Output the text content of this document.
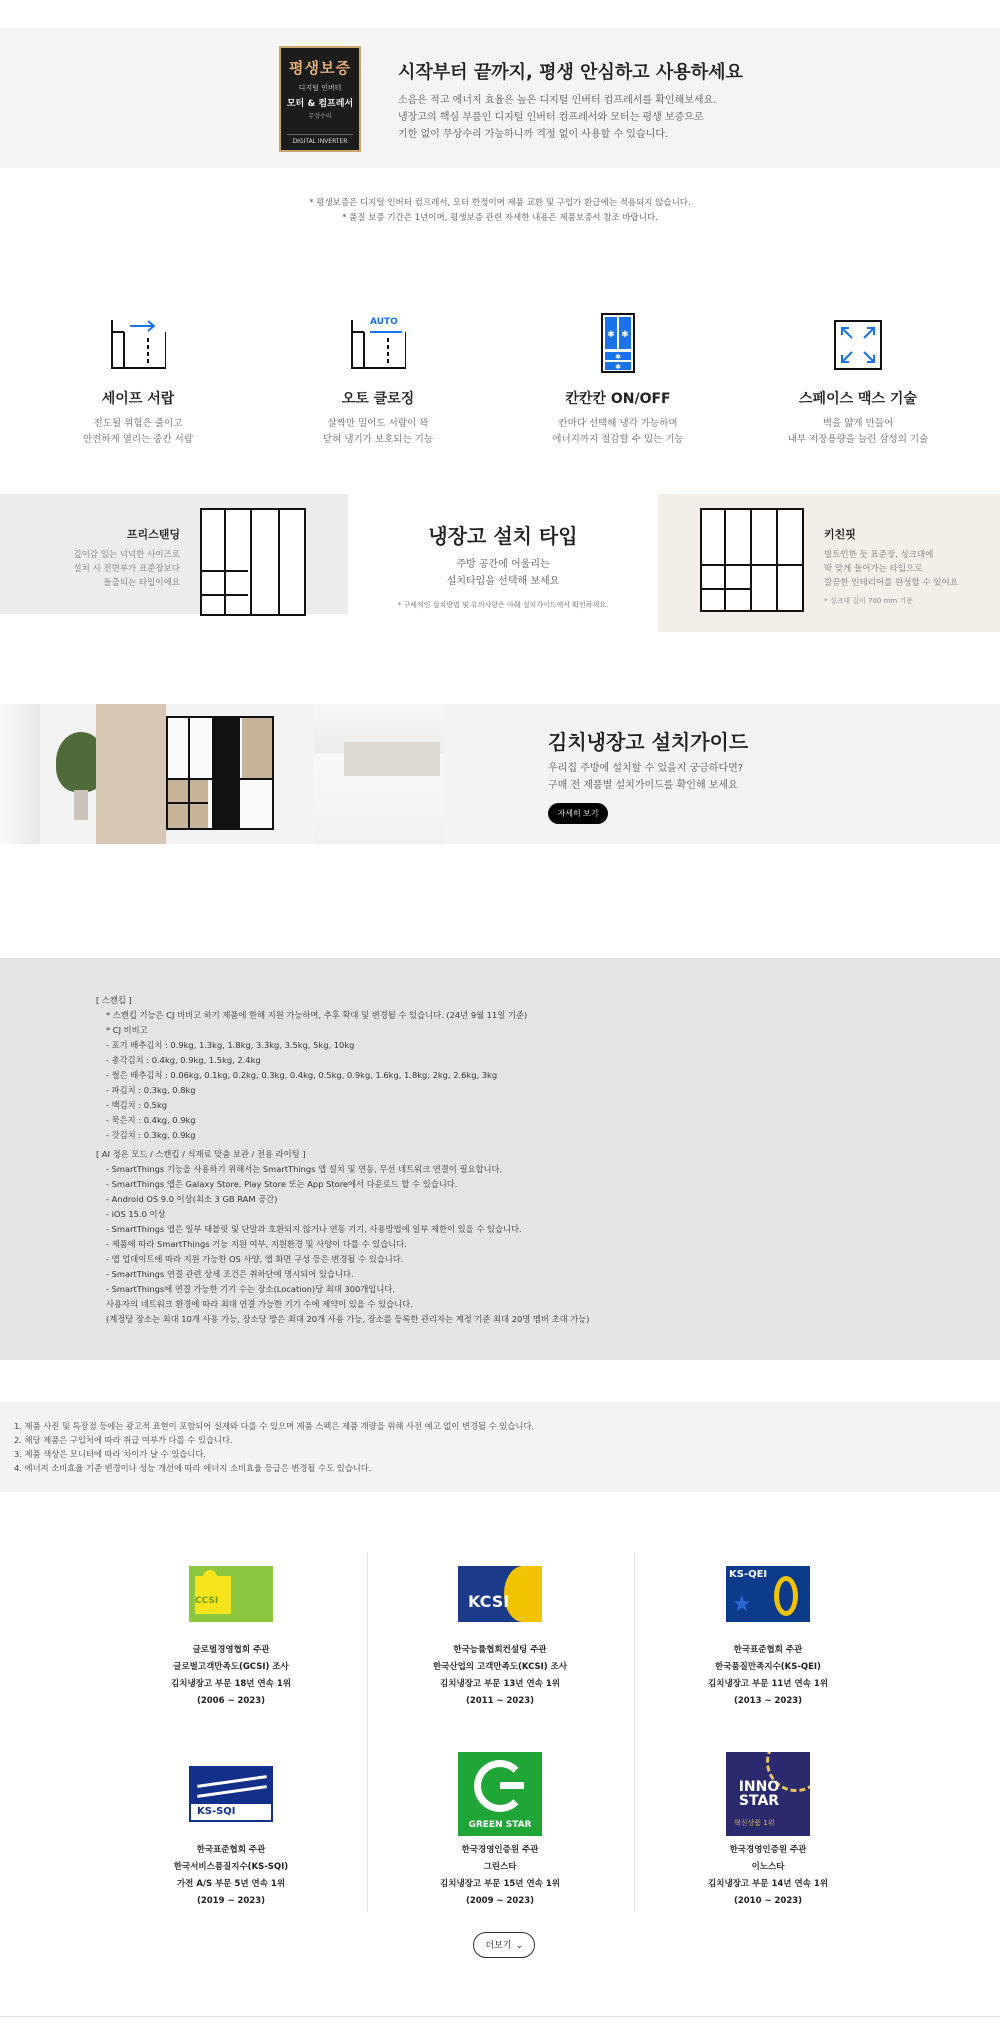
평생보증
디지털 인버터
모터 & 컴프레서
무상수리
DIGITAL INVERTER
시작부터 끝까지, 평생 안심하고 사용하세요
소음은 적고 에너지 효율은 높은 디지털 인버터 컴프레서를 확인해보세요.
냉장고의 핵심 부품인 디지털 인버터 컴프레서와 모터는 평생 보증으로
기한 없이 무상수리 가능하니까 걱정 없이 사용할 수 있습니다.
* 평생보증은 디지털 인버터 컴프레서, 모터 한정이며 제품 교환 및 구입가 환급에는 적용되지 않습니다.
* 품질 보증 기간은 1년이며, 평생보증 관련 자세한 내용은 제품보증서 참조 바랍니다.
세이프 서랍
전도될 위험은 줄이고
안전하게 열리는 중칸 서랍
AUTO
오토 클로징
살짝만 밀어도 서랍이 꽉
닫혀 냉기가 보호되는 기능
✱ ✱
✱
✱
칸칸칸 ON/OFF
칸마다 선택해 냉각 가능하며
에너지까지 절감할 수 있는 기능
스페이스 맥스 기술
벽을 얇게 만들어
내부 저장용량을 늘린 삼성의 기술
프리스탠딩
깊이감 있는 넉넉한 사이즈로
설치 시 전면부가 표준장보다
돌출되는 타입이에요
냉장고 설치 타입
주방 공간에 어울리는
설치타입을 선택해 보세요
* 구체적인 설치방법 및 유의사항은 아래 설치가이드에서 확인하세요.
키친핏
빌트인한 듯 표준장, 싱크대에
딱 맞게 들어가는 타입으로
깔끔한 인테리어를 완성할 수 있어요
* 싱크대 깊이 700 mm 기준
김치냉장고 설치가이드
우리집 주방에 설치할 수 있을지 궁금하다면?
구매 전 제품별 설치가이드를 확인해 보세요
자세히 보기
[ 스캔킵 ]
* 스캔킵 기능은 CJ 비비고 하기 제품에 한해 지원 가능하며, 추후 확대 및 변경될 수 있습니다. (24년 9월 11일 기준)
* CJ 비비고
- 포기 배추김치 : 0.9kg, 1.3kg, 1.8kg, 3.3kg, 3.5kg, 5kg, 10kg
- 총각김치 : 0.4kg, 0.9kg, 1.5kg, 2.4kg
- 썰은 배추김치 : 0.06kg, 0.1kg, 0.2kg, 0.3kg, 0.4kg, 0.5kg, 0.9kg, 1.6kg, 1.8kg, 2kg, 2.6kg, 3kg
- 파김치 : 0.3kg, 0.8kg
- 백김치 : 0.5kg
- 묵은지 : 0.4kg, 0.9kg
- 갓김치 : 0.3kg, 0.9kg
[ AI 정온 모드 / 스캔킵 / 식재료 맞춤 보관 / 전용 라이팅 ]
- SmartThings 기능을 사용하기 위해서는 SmartThings 앱 설치 및 연동, 무선 네트워크 연결이 필요합니다.
- SmartThings 앱은 Galaxy Store, Play Store 또는 App Store에서 다운로드 할 수 있습니다.
- Android OS 9.0 이상(최소 3 GB RAM 공간)
- iOS 15.0 이상
- SmartThings 앱은 일부 태블릿 및 단말과 호환되지 않거나 연동 기기, 사용방법에 일부 제한이 있을 수 있습니다.
- 제품에 따라 SmartThings 기능 지원 여부, 지원환경 및 사양이 다를 수 있습니다.
- 앱 업데이트에 따라 지원 가능한 OS 사양, 앱 화면 구성 등은 변경될 수 있습니다.
- SmartThings 연결 관련 상세 조건은 취하단에 명시되어 있습니다.
- SmartThings에 연결 가능한 기기 수는 장소(Location)당 최대 300개입니다.
사용자의 네트워크 환경에 따라 최대 연결 가능한 기기 수에 제약이 있을 수 있습니다.
(계정당 장소는 최대 10개 사용 가능, 장소당 방은 최대 20개 사용 가능, 장소를 등록한 관리자는 계정 기준 최대 20명 멤버 초대 가능)
1. 제품 사진 및 특장점 등에는 광고적 표현이 포함되어 실제와 다를 수 있으며 제품 스펙은 제품 개량을 위해 사전 예고 없이 변경될 수 있습니다.
2. 해당 제품은 구입처에 따라 취급 여부가 다를 수 있습니다.
3. 제품 색상은 모니터에 따라 차이가 날 수 있습니다.
4. 에너지 소비효율 기준 변경이나 성능 개선에 따라 에너지 소비효율 등급은 변경될 수도 있습니다.
CCSI
글로벌경영협회 주관
글로벌고객만족도(GCSI) 조사
김치냉장고 부문 18년 연속 1위
(2006 ~ 2023)
KCSI
한국능률협회컨설팅 주관
한국산업의 고객만족도(KCSI) 조사
김치냉장고 부문 13년 연속 1위
(2011 ~ 2023)
KS-QEI
★
한국표준협회 주관
한국품질만족지수(KS-QEI)
김치냉장고 부문 11년 연속 1위
(2013 ~ 2023)
KS-SQI
한국표준협회 주관
한국서비스품질지수(KS-SQI)
가전 A/S 부문 5년 연속 1위
(2019 ~ 2023)
GREEN STAR
한국경영인증원 주관
그린스타
김치냉장고 부문 15년 연속 1위
(2009 ~ 2023)
INNO STAR
혁신상품 1위
한국경영인증원 주관
이노스타
김치냉장고 부문 14년 연속 1위
(2010 ~ 2023)
더보기 ⌄
